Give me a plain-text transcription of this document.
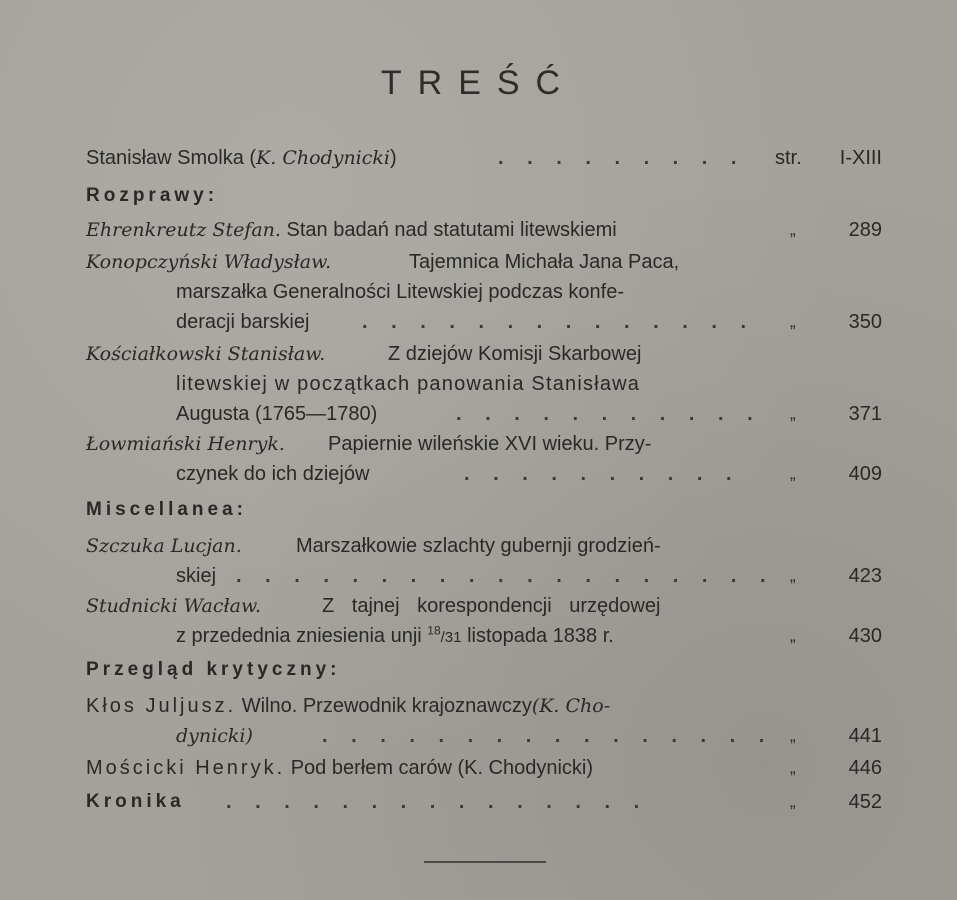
TREŚĆ
Stanisław Smolka (K. Chodynicki)	. . . . . . . . . str. I-XIII
Rozprawy:
Ehrenkreutz Stefan. Stan badań nad statutami litewskiemi	„	289
Konopczyński Władysław.	Tajemnica Michała Jana Paca,
marszałka Generalności Litewskiej podczas konfe-
deracji barskiej	. . . . . . . . . . . . . . „	350
Kościałkowski Stanisław.	Z dziejów Komisji Skarbowej
litewskiej w początkach panowania Stanisława
Augusta (1765—1780)	. . . . . . . . . . . „	371
Łowmiański Henryk. Papiernie wileńskie XVI wieku. Przy-
czynek do ich dziejów	. . . . . . . . . .	„	409
Miscellanea:
Szczuka Lucjan.	Marszałkowie szlachty gubernji grodzień-
skiej . . . . . . . . . . . . . . . . . . . „	423
Studnicki Wacław.	Z tajnej korespondencji urzędowej
z przedednia zniesienia unji $^{18}$/31 listopada 1838 r.	„	430
Przegląd krytyczny:
Kłos Juljusz. Wilno. Przewodnik krajoznawczy(K. Cho-
dynicki)	. . . . . . . . . . . . . . . . „	441
Mościcki Henryk. Pod berłem carów (K. Chodynicki)	„	446
Kronika . . . . . . . . . . . . . . .	„	452
